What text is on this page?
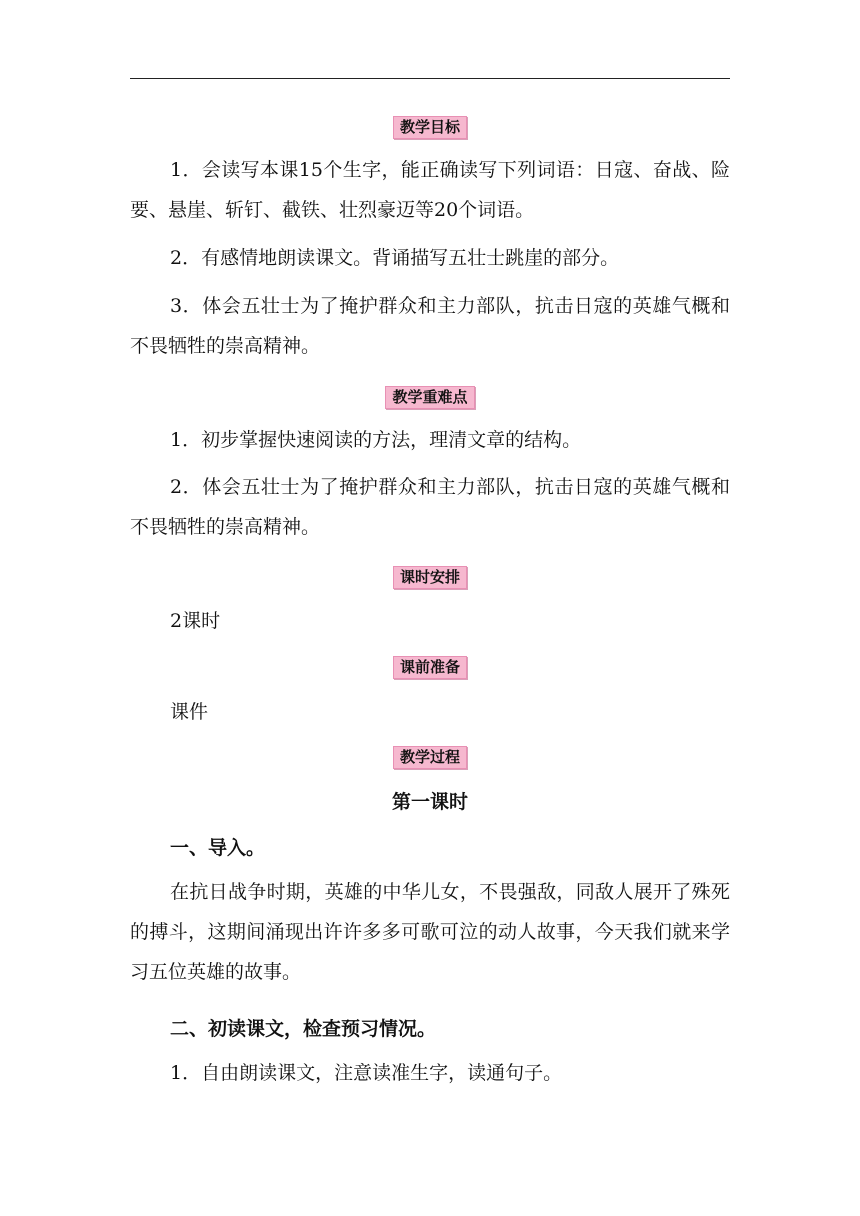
教学目标

1．会读写本课15个生字，能正确读写下列词语：日寇、奋战、险要、悬崖、斩钉、截铁、壮烈豪迈等20个词语。

2．有感情地朗读课文。背诵描写五壮士跳崖的部分。

3．体会五壮士为了掩护群众和主力部队，抗击日寇的英雄气概和不畏牺牲的崇高精神。

教学重难点

1．初步掌握快速阅读的方法，理清文章的结构。

2．体会五壮士为了掩护群众和主力部队，抗击日寇的英雄气概和不畏牺牲的崇高精神。

课时安排

2课时

课前准备

课件

教学过程
第一课时

一、导入。

在抗日战争时期，英雄的中华儿女，不畏强敌，同敌人展开了殊死的搏斗，这期间涌现出许许多多可歌可泣的动人故事，今天我们就来学习五位英雄的故事。

二、初读课文，检查预习情况。

1．自由朗读课文，注意读准生字，读通句子。
